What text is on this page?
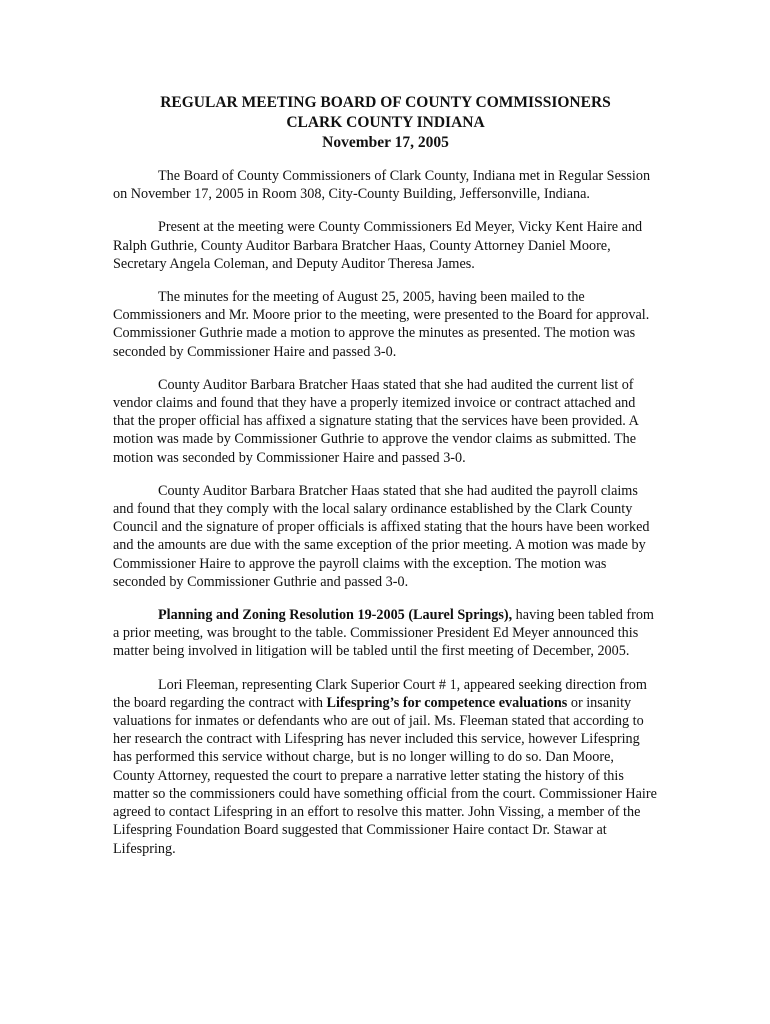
REGULAR MEETING BOARD OF COUNTY COMMISSIONERS
CLARK COUNTY INDIANA
November 17, 2005

The Board of County Commissioners of Clark County, Indiana met in Regular Session on November 17, 2005 in Room 308, City-County Building, Jeffersonville, Indiana.

Present at the meeting were County Commissioners Ed Meyer, Vicky Kent Haire and Ralph Guthrie, County Auditor Barbara Bratcher Haas, County Attorney Daniel Moore, Secretary Angela Coleman, and Deputy Auditor Theresa James.

The minutes for the meeting of August 25, 2005, having been mailed to the Commissioners and Mr. Moore prior to the meeting, were presented to the Board for approval. Commissioner Guthrie made a motion to approve the minutes as presented. The motion was seconded by Commissioner Haire and passed 3-0.

County Auditor Barbara Bratcher Haas stated that she had audited the current list of vendor claims and found that they have a properly itemized invoice or contract attached and that the proper official has affixed a signature stating that the services have been provided. A motion was made by Commissioner Guthrie to approve the vendor claims as submitted. The motion was seconded by Commissioner Haire and passed 3-0.

County Auditor Barbara Bratcher Haas stated that she had audited the payroll claims and found that they comply with the local salary ordinance established by the Clark County Council and the signature of proper officials is affixed stating that the hours have been worked and the amounts are due with the same exception of the prior meeting. A motion was made by Commissioner Haire to approve the payroll claims with the exception. The motion was seconded by Commissioner Guthrie and passed 3-0.

Planning and Zoning Resolution 19-2005 (Laurel Springs), having been tabled from a prior meeting, was brought to the table. Commissioner President Ed Meyer announced this matter being involved in litigation will be tabled until the first meeting of December, 2005.

Lori Fleeman, representing Clark Superior Court # 1, appeared seeking direction from the board regarding the contract with Lifespring’s for competence evaluations or insanity valuations for inmates or defendants who are out of jail. Ms. Fleeman stated that according to her research the contract with Lifespring has never included this service, however Lifespring has performed this service without charge, but is no longer willing to do so. Dan Moore, County Attorney, requested the court to prepare a narrative letter stating the history of this matter so the commissioners could have something official from the court. Commissioner Haire agreed to contact Lifespring in an effort to resolve this matter. John Vissing, a member of the Lifespring Foundation Board suggested that Commissioner Haire contact Dr. Stawar at Lifespring.
